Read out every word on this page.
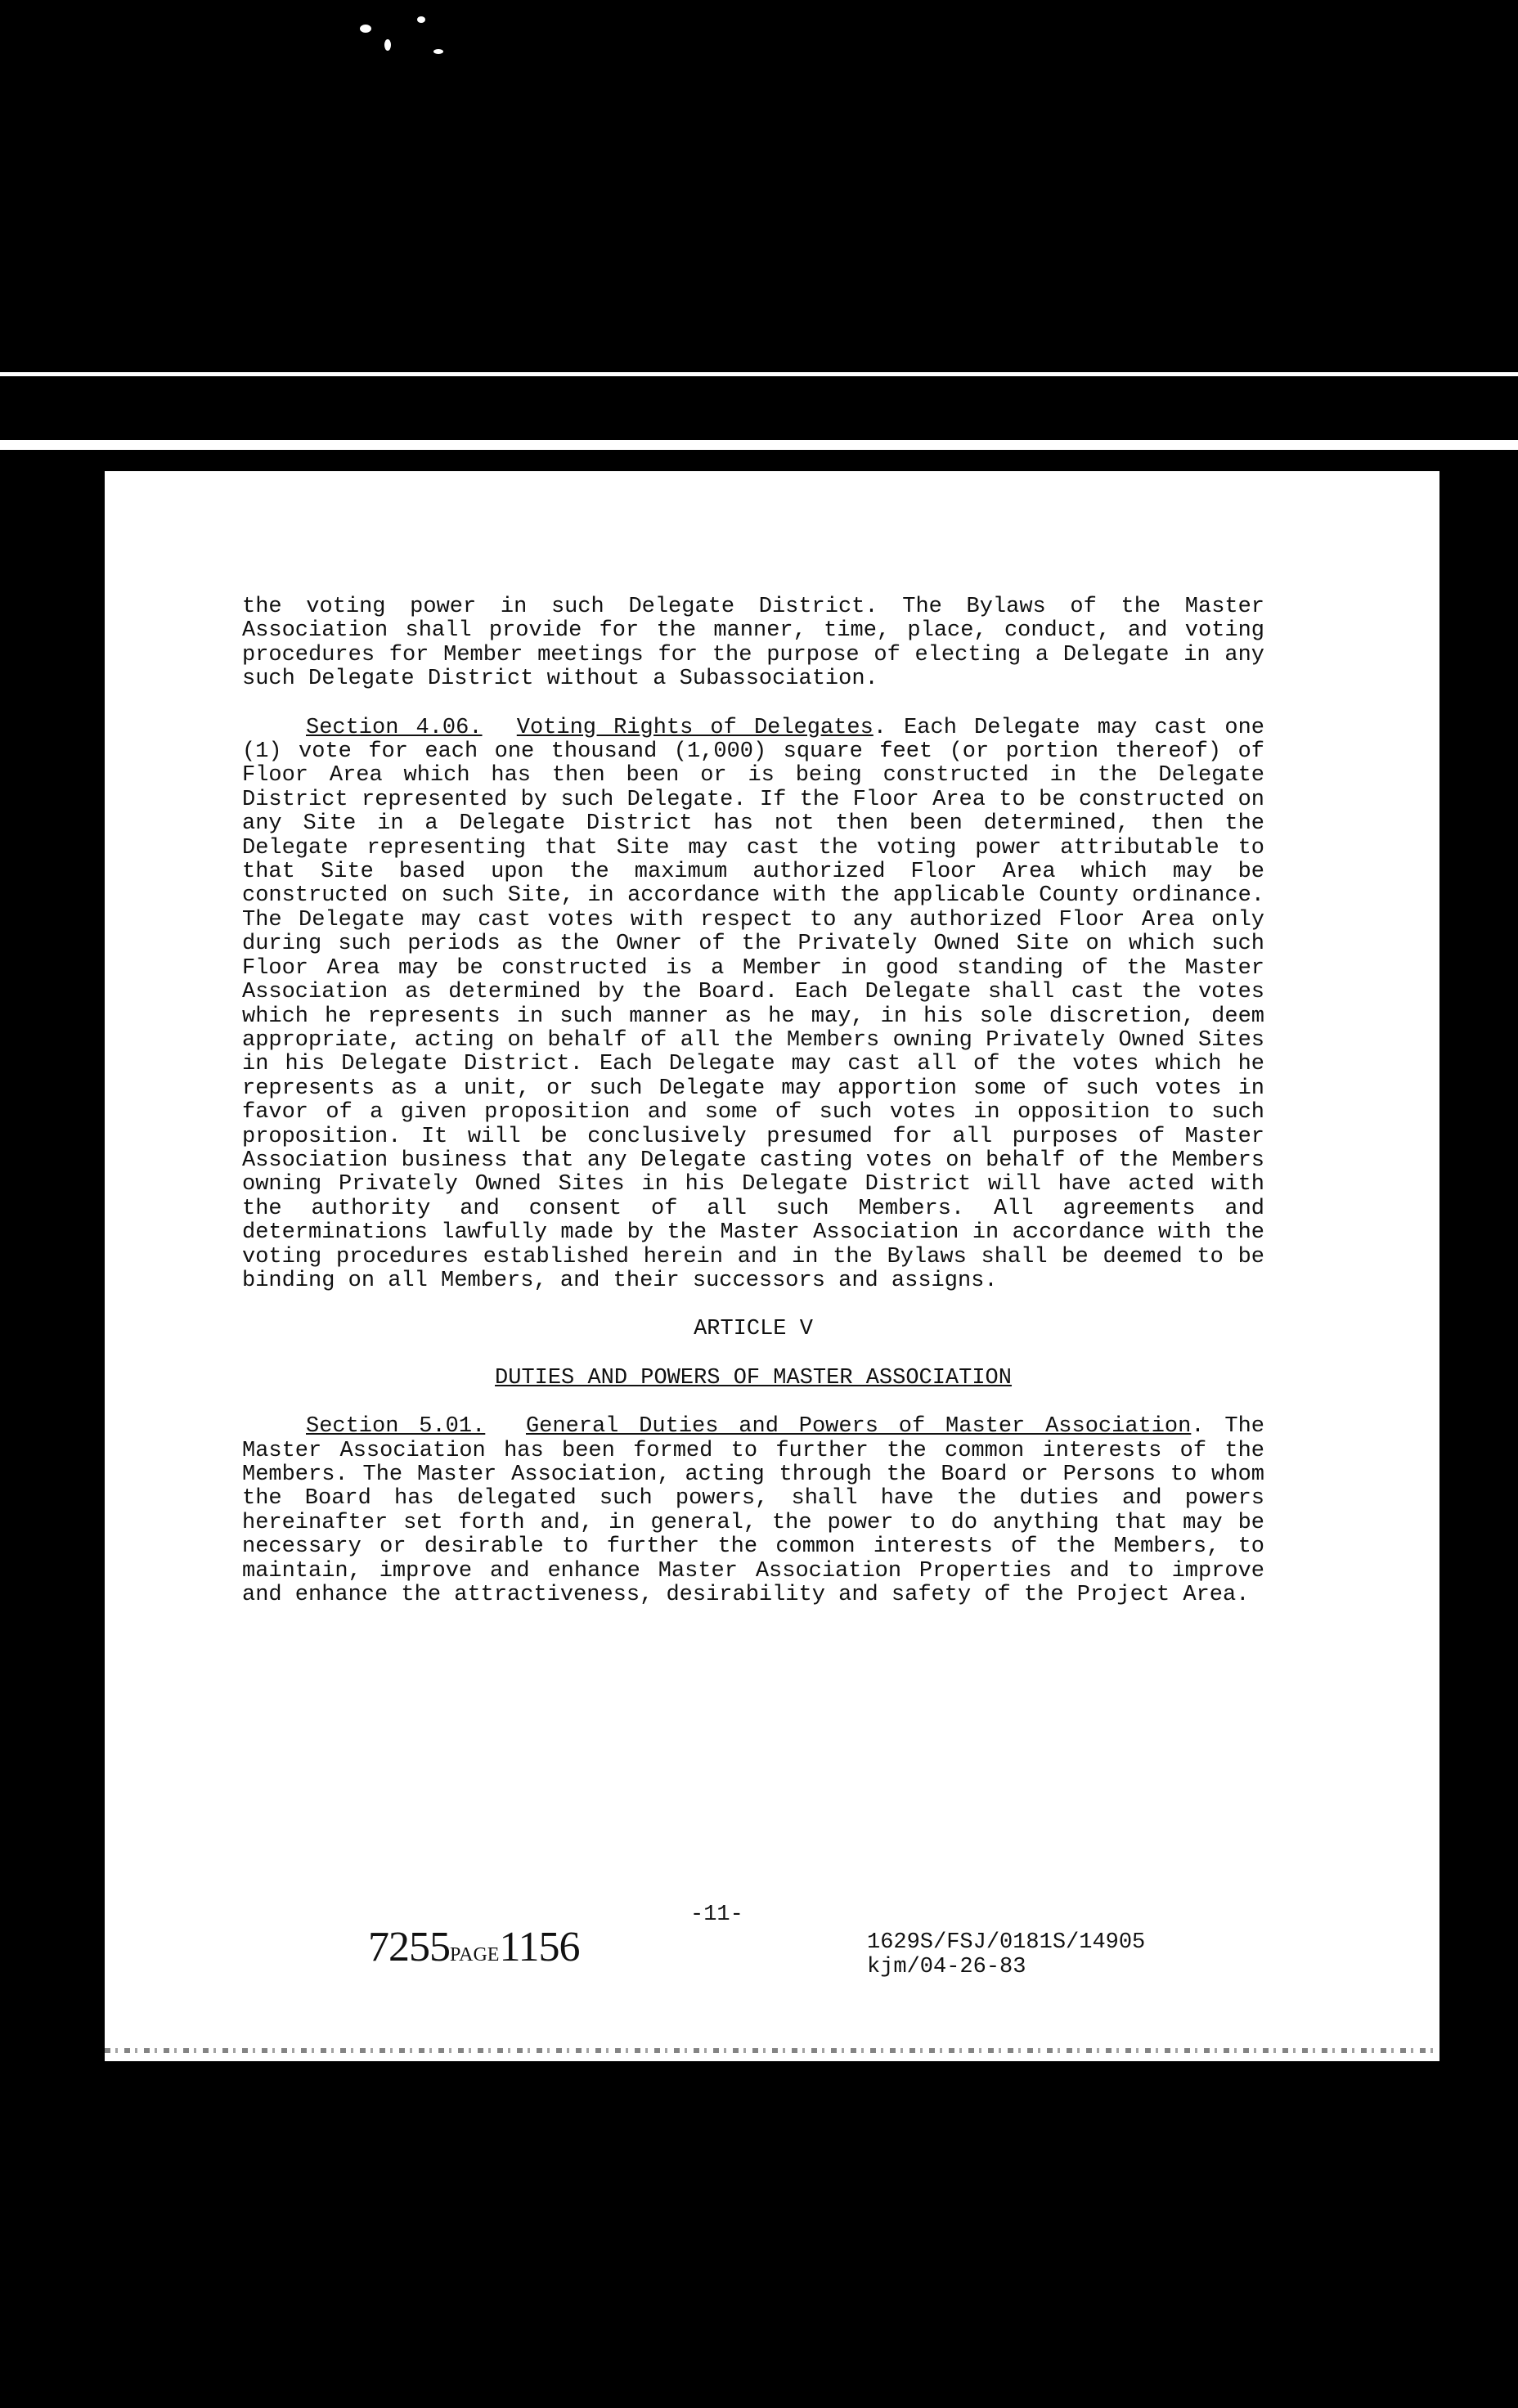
the voting power in such Delegate District. The Bylaws of the Master Association shall provide for the manner, time, place, conduct, and voting procedures for Member meetings for the purpose of electing a Delegate in any such Delegate District without a Subassociation.

Section 4.06. Voting Rights of Delegates. Each Delegate may cast one (1) vote for each one thousand (1,000) square feet (or portion thereof) of Floor Area which has then been or is being constructed in the Delegate District represented by such Delegate. If the Floor Area to be constructed on any Site in a Delegate District has not then been determined, then the Delegate representing that Site may cast the voting power attributable to that Site based upon the maximum authorized Floor Area which may be constructed on such Site, in accordance with the applicable County ordinance. The Delegate may cast votes with respect to any authorized Floor Area only during such periods as the Owner of the Privately Owned Site on which such Floor Area may be constructed is a Member in good standing of the Master Association as determined by the Board. Each Delegate shall cast the votes which he represents in such manner as he may, in his sole discretion, deem appropriate, acting on behalf of all the Members owning Privately Owned Sites in his Delegate District. Each Delegate may cast all of the votes which he represents as a unit, or such Delegate may apportion some of such votes in favor of a given proposition and some of such votes in opposition to such proposition. It will be conclusively presumed for all purposes of Master Association business that any Delegate casting votes on behalf of the Members owning Privately Owned Sites in his Delegate District will have acted with the authority and consent of all such Members. All agreements and determinations lawfully made by the Master Association in accordance with the voting procedures established herein and in the Bylaws shall be deemed to be binding on all Members, and their successors and assigns.

ARTICLE V

DUTIES AND POWERS OF MASTER ASSOCIATION

Section 5.01. General Duties and Powers of Master Association. The Master Association has been formed to further the common interests of the Members. The Master Association, acting through the Board or Persons to whom the Board has delegated such powers, shall have the duties and powers hereinafter set forth and, in general, the power to do anything that may be necessary or desirable to further the common interests of the Members, to maintain, improve and enhance Master Association Properties and to improve and enhance the attractiveness, desirability and safety of the Project Area.

-11-
7255PAGE1156	1629S/FSJ/0181S/14905
kjm/04-26-83
